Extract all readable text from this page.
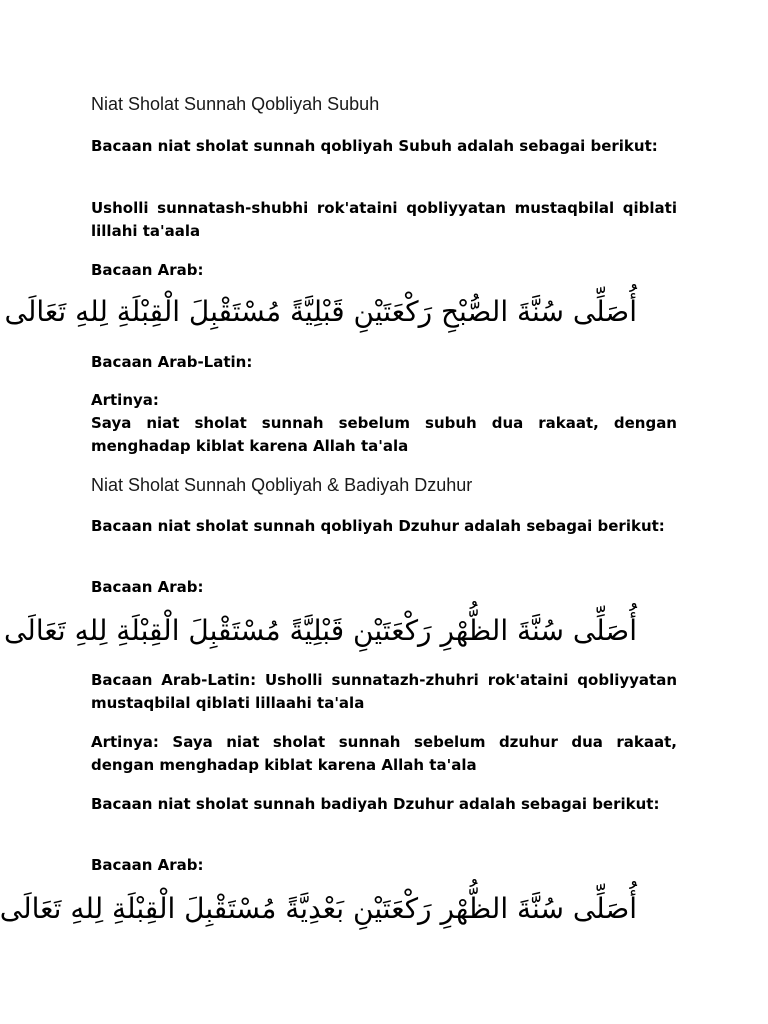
Niat Sholat Sunnah Qobliyah Subuh

Bacaan niat sholat sunnah qobliyah Subuh adalah sebagai berikut:

Usholli sunnatash-shubhi rok'ataini qobliyyatan mustaqbilal qiblati lillahi ta'aala

Bacaan Arab:

أُصَلِّى سُنَّةَ الصُّبْحِ رَكْعَتَيْنِ قَبْلِيَّةً مُسْتَقْبِلَ الْقِبْلَةِ لِلهِ تَعَالَى

Bacaan Arab-Latin:

Artinya:

Saya niat sholat sunnah sebelum subuh dua rakaat, dengan menghadap kiblat karena Allah ta'ala

Niat Sholat Sunnah Qobliyah & Badiyah Dzuhur

Bacaan niat sholat sunnah qobliyah Dzuhur adalah sebagai berikut:

Bacaan Arab:

أُصَلِّى سُنَّةَ الظُّهْرِ رَكْعَتَيْنِ قَبْلِيَّةً مُسْتَقْبِلَ الْقِبْلَةِ لِلهِ تَعَالَى

Bacaan Arab-Latin: Usholli sunnatazh-zhuhri rok'ataini qobliyyatan mustaqbilal qiblati lillaahi ta'ala

Artinya: Saya niat sholat sunnah sebelum dzuhur dua rakaat, dengan menghadap kiblat karena Allah ta'ala

Bacaan niat sholat sunnah badiyah Dzuhur adalah sebagai berikut:

Bacaan Arab:

أُصَلِّى سُنَّةَ الظُّهْرِ رَكْعَتَيْنِ بَعْدِيَّةً مُسْتَقْبِلَ الْقِبْلَةِ لِلهِ تَعَالَى
